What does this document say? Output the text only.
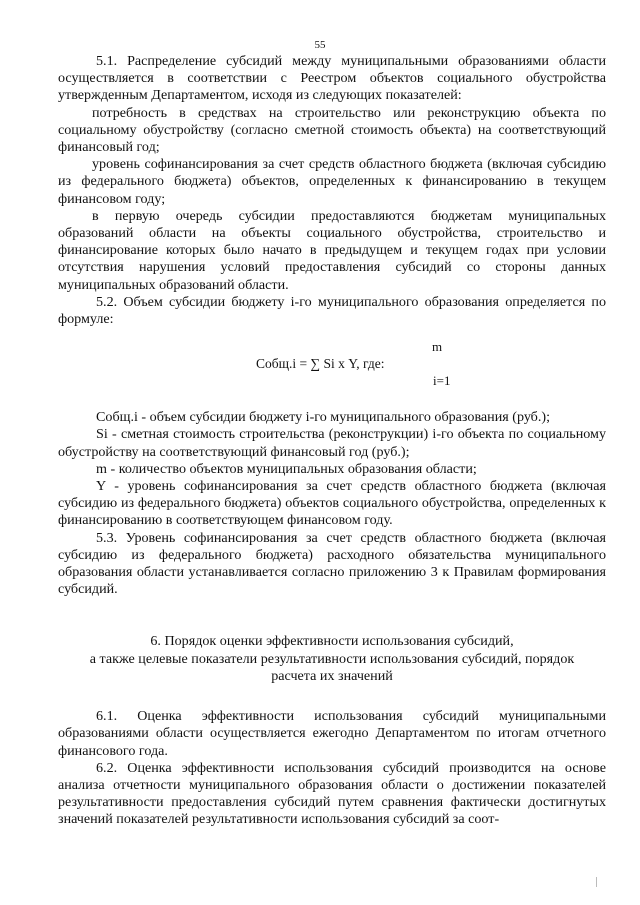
55

5.1. Распределение субсидий между муниципальными образованиями области осуществляется в соответствии с Реестром объектов социального обустройства утвержденным Департаментом, исходя из следующих показателей:

потребность в средствах на строительство или реконструкцию объекта по социальному обустройству (согласно сметной стоимость объекта) на соответствующий финансовый год;

уровень софинансирования за счет средств областного бюджета (включая субсидию из федерального бюджета) объектов, определенных к финансированию в текущем финансовом году;

в первую очередь субсидии предоставляются бюджетам муниципальных образований области на объекты социального обустройства, строительство и финансирование которых было начато в предыдущем и текущем годах при условии отсутствия нарушения условий предоставления субсидий со стороны данных муниципальных образований области.

5.2. Объем субсидии бюджету i-го муниципального образования определяется по формуле:

m
Собщ.i = ∑ Si х Y, где:
i=1

Собщ.i - объем субсидии бюджету i-го муниципального образования (руб.);

Si - сметная стоимость строительства (реконструкции) i-го объекта по социальному обустройству на соответствующий финансовый год (руб.);

m - количество объектов муниципальных образования области;

Y - уровень софинансирования за счет средств областного бюджета (включая субсидию из федерального бюджета) объектов социального обустройства, определенных к финансированию в соответствующем финансовом году.

5.3. Уровень софинансирования за счет средств областного бюджета (включая субсидию из федерального бюджета) расходного обязательства муниципального образования области устанавливается согласно приложению 3 к Правилам формирования субсидий.

6. Порядок оценки эффективности использования субсидий,
а также целевые показатели результативности использования субсидий, порядок
расчета их значений

6.1. Оценка эффективности использования субсидий муниципальными образованиями области осуществляется ежегодно Департаментом по итогам отчетного финансового года.

6.2. Оценка эффективности использования субсидий производится на основе анализа отчетности муниципального образования области о достижении показателей результативности предоставления субсидий путем сравнения фактически достигнутых значений показателей результативности использования субсидий за соот-
